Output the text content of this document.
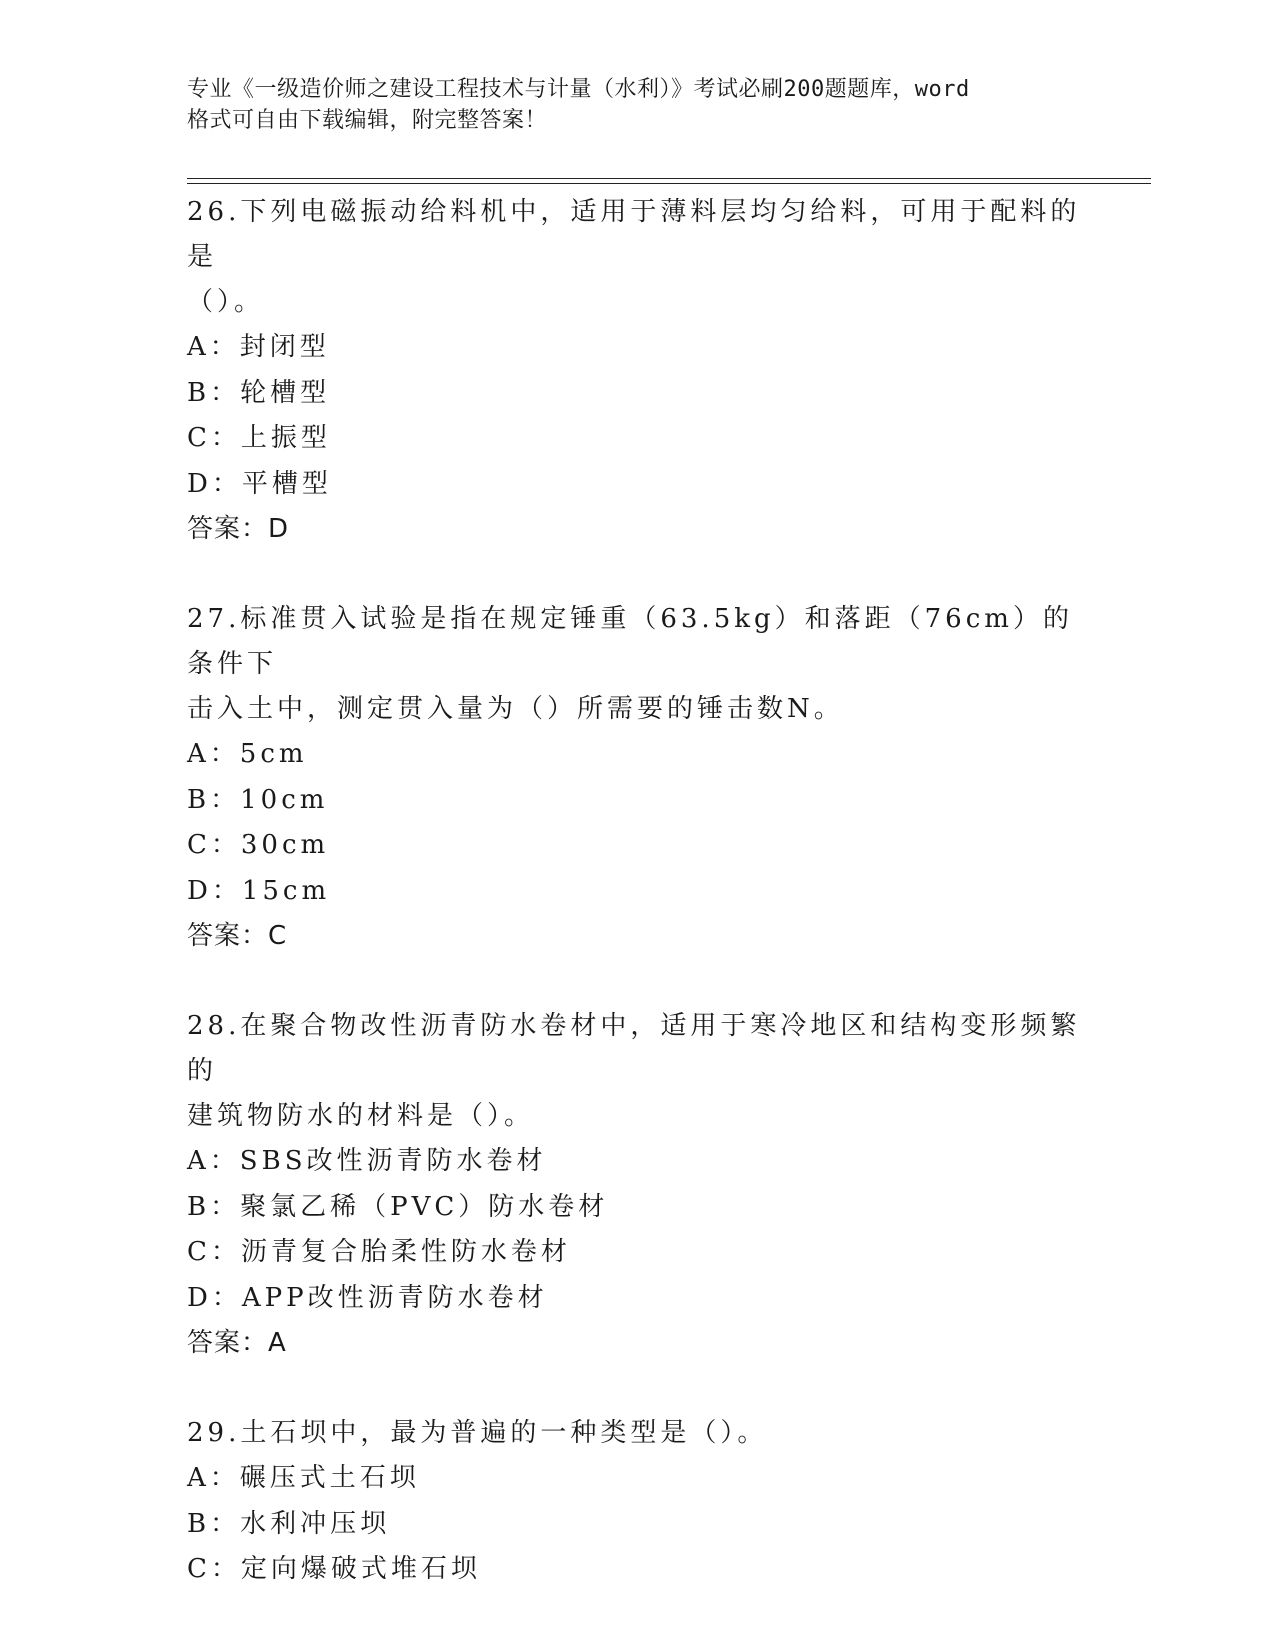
专业《一级造价师之建设工程技术与计量（水利）》考试必刷200题题库，word
格式可自由下载编辑，附完整答案！

26.下列电磁振动给料机中，适用于薄料层均匀给料，可用于配料的是

（）。

A：封闭型

B：轮槽型

C：上振型

D：平槽型

答案：D

27.标准贯入试验是指在规定锤重（63.5kg）和落距（76cm）的条件下

击入土中，测定贯入量为（）所需要的锤击数N。

A：5cm

B：10cm

C：30cm

D：15cm

答案：C

28.在聚合物改性沥青防水卷材中，适用于寒冷地区和结构变形频繁的

建筑物防水的材料是（）。

A：SBS改性沥青防水卷材

B：聚氯乙稀（PVC）防水卷材

C：沥青复合胎柔性防水卷材

D：APP改性沥青防水卷材

答案：A

29.土石坝中，最为普遍的一种类型是（）。

A：碾压式土石坝

B：水利冲压坝

C：定向爆破式堆石坝
